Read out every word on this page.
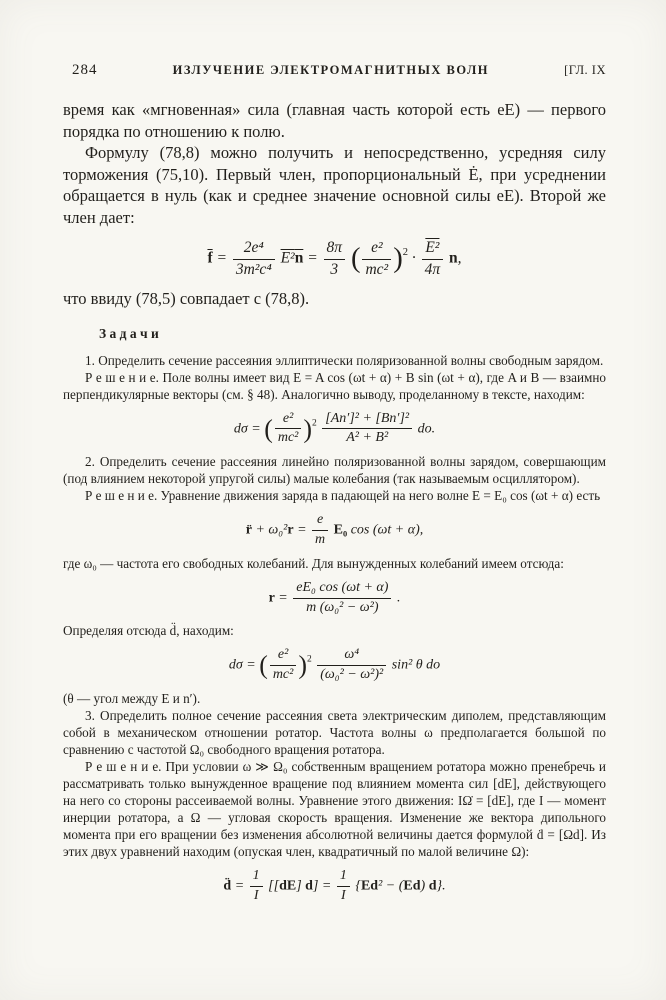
284	ИЗЛУЧЕНИЕ ЭЛЕКТРОМАГНИТНЫХ ВОЛН	[ГЛ. IX

время как «мгновенная» сила (главная часть которой есть eE) — первого порядка по отношению к полю.

Формулу (78,8) можно получить и непосредственно, усредняя силу торможения (75,10). Первый член, пропорциональный Ė, при усреднении обращается в нуль (как и среднее значение основной силы eE). Второй же член дает:

$\overline{f} = \frac{\text{2e⁴}}{\text{3m²c⁴}} E^2\overline{n} = \frac{8\pi}{3}$ ( $\frac{\text{e²}}{\text{mc²}} )^2 \cdot \frac{\text{E²}}{4\pi} n$,

что ввиду (78,5) совпадает с (78,8).

З а д а ч и

1. Определить сечение рассеяния эллиптически поляризованной волны свободным зарядом.

Р е ш е н и е. Поле волны имеет вид E = A cos (ωt + α) + B sin (ωt + α), где A и B — взаимно перпендикулярные векторы (см. § 48). Аналогично выводу, проделанному в тексте, находим:

dσ = ( $\frac{\text{e²}}{\text{mc²}} )^2 \frac{\text{[An′]² + [Bn′]²}}{\text{A² + B²}}$ do.

2. Определить сечение рассеяния линейно поляризованной волны зарядом, совершающим (под влиянием некоторой упругой силы) малые колебания (так называемым осциллятором).

Р е ш е н и е. Уравнение движения заряда в падающей на него волне E = E₀ cos (ωt + α) есть

r̈ + $\omega_0^2r = \frac{e}{m} E_0$ cos (ωt + α),

где ω₀ — частота его свободных колебаний. Для вынужденных колебаний имеем отсюда:

$r = \frac{\text{eE₀ cos (ωt + α)}}{\text{m (ω₀² − ω²)}}$ .

Определяя отсюда d̈, находим:

dσ = ( $\frac{\text{e²}}{\text{mc²}} )^2 \frac{\text{ω⁴}}{\text{(ω₀² − ω²)²}} \sin^2$ θ do

(θ — угол между E и n′).

3. Определить полное сечение рассеяния света электрическим диполем, представляющим собой в механическом отношении ротатор. Частота волны ω предполагается большой по сравнению с частотой Ω₀ свободного вращения ротатора.

Р е ш е н и е. При условии ω ≫ Ω₀ собственным вращением ротатора можно пренебречь и рассматривать только вынужденное вращение под влиянием момента сил [dE], действующего на него со стороны рассеиваемой волны. Уравнение этого движения: IΩ̇ = [dE], где I — момент инерции ротатора, а Ω — угловая скорость вращения. Изменение же вектора дипольного момента при его вращении без изменения абсолютной величины дается формулой ḋ = [Ωd]. Из этих двух уравнений находим (опуская член, квадратичный по малой величине Ω):

d̈ = $\frac{1}{I} [[dE] d] = \frac{1}{I} \{Ed^2 - (Ed)$ d}.
